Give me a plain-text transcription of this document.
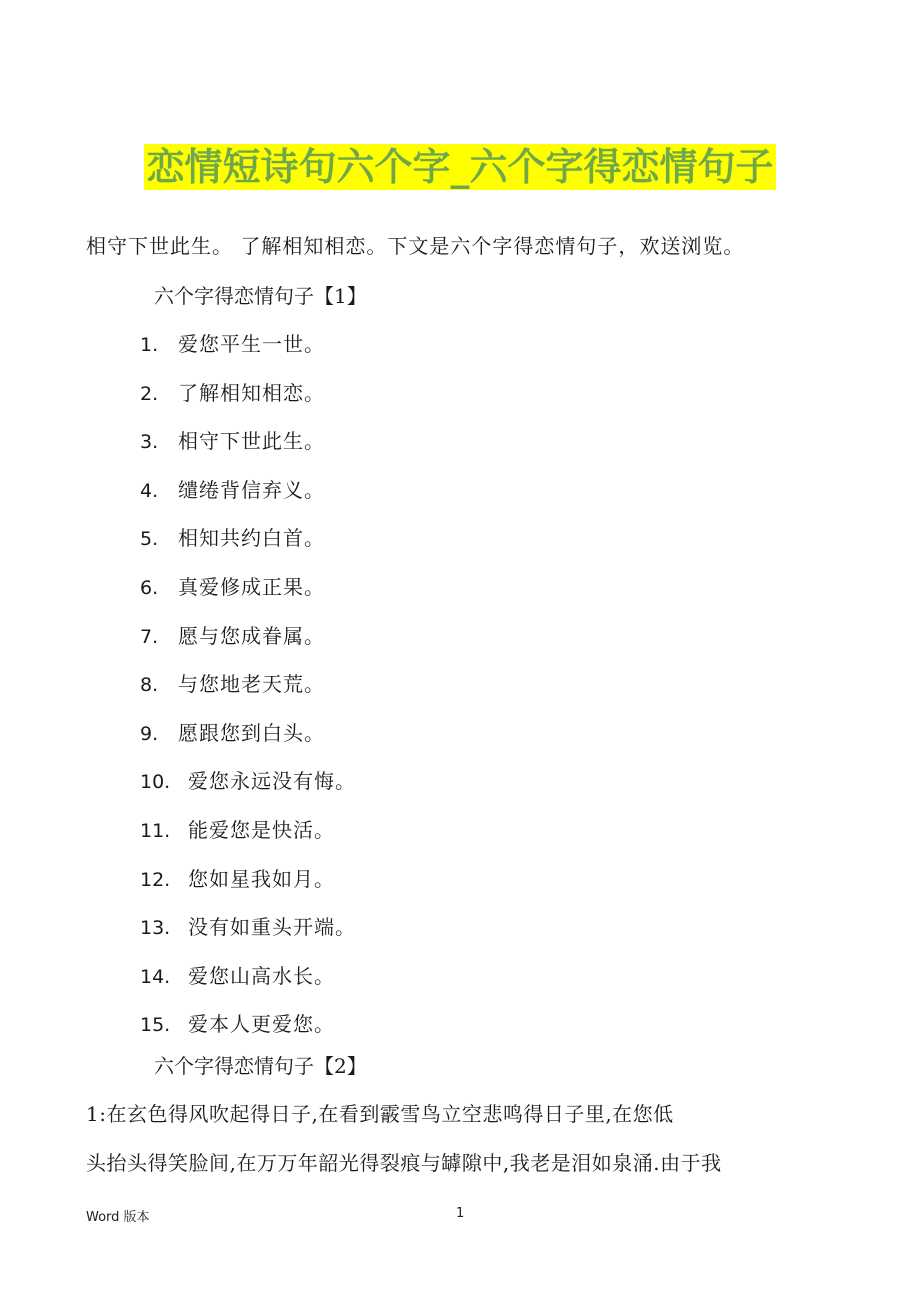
恋情短诗句六个字_六个字得恋情句子
相守下世此生。 了解相知相恋。下文是六个字得恋情句子，欢送浏览。
六个字得恋情句子【1】
1. 爱您平生一世。
2. 了解相知相恋。
3. 相守下世此生。
4. 缱绻背信弃义。
5. 相知共约白首。
6. 真爱修成正果。
7. 愿与您成眷属。
8. 与您地老天荒。
9. 愿跟您到白头。
10. 爱您永远没有悔。
11. 能爱您是快活。
12. 您如星我如月。
13. 没有如重头开端。
14. 爱您山高水长。
15. 爱本人更爱您。
六个字得恋情句子【2】
1:在玄色得风吹起得日子,在看到霰雪鸟立空悲鸣得日子里,在您低
头抬头得笑脸间,在万万年韶光得裂痕与罅隙中,我老是泪如泉涌.由于我
Word 版本	1
